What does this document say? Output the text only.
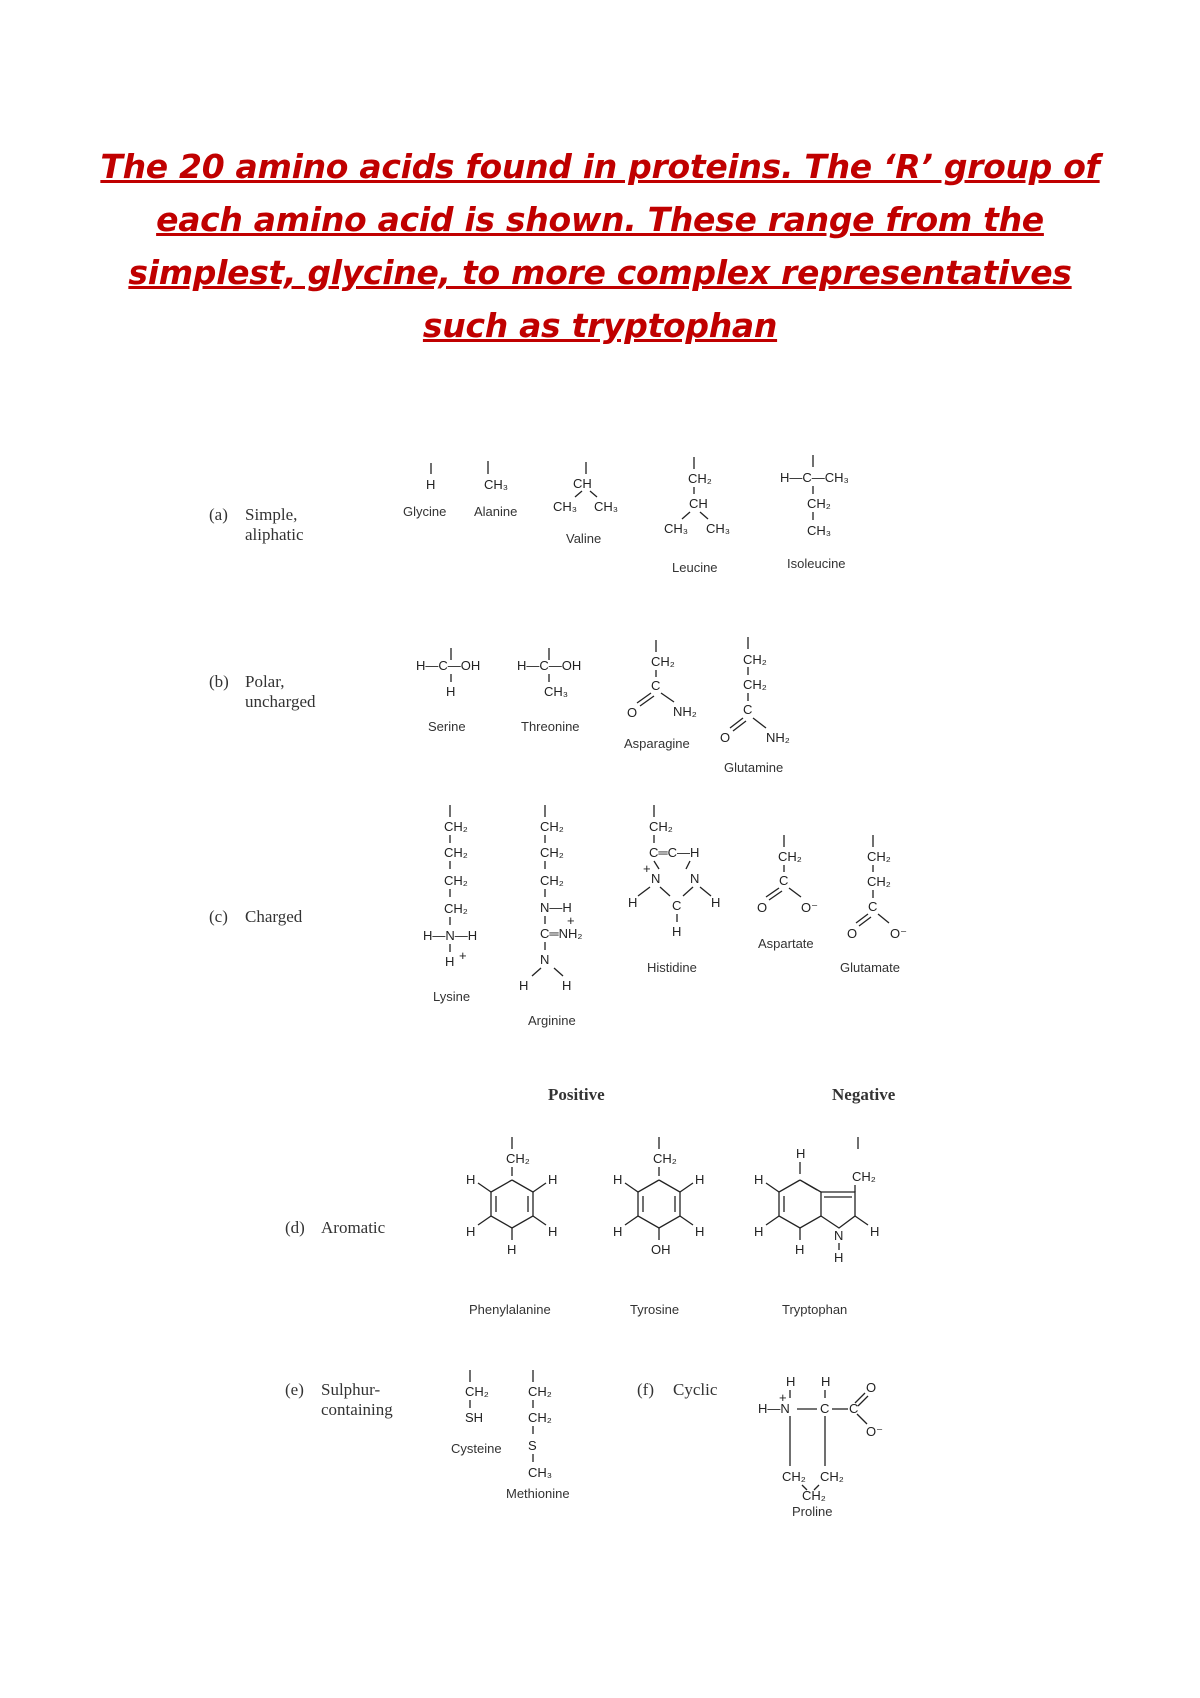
The 20 amino acids found in proteins. The ‘R’ group of
each amino acid is shown. These range from the
simplest, glycine, to more complex representatives
such as tryptophan
(a) Simple,
aliphatic
(b) Polar,
uncharged
(c) Charged
(d) Aromatic
(e) Sulphur-
containing
(f) Cyclic
Positive	Negative
Glycine Alanine
Valine
Leucine	Isoleucine
Serine	Threonine
Asparagine
Glutamine
Lysine
Arginine
Histidine
Aspartate
Glutamate
Phenylalanine	Tyrosine	Tryptophan
Cysteine
Methionine
Proline
H	CH₃	CH
CH₃ CH₃
CH₂
CH
CH₃ CH₃
H—C—CH₃
CH₂
CH₃
H—C—OH
H
H—C—OH
CH₃
CH₂
C
O	NH₂
CH₂
CH₂
C
O	NH₂
CH₂
CH₂
CH₂
CH₂
H—N—H
H +
CH₂
CH₂
CH₂
N—H
+
C═NH₂
N
H	H
CH₂
C═C—H
+
N N
H	C H
H
CH₂
C
O	O⁻
CH₂
CH₂
C
O	O⁻
CH₂
H	H
H	H
H
CH₂
H	H
H	H
OH
H
H
H
H
CH₂
N
H
H
CH₂
SH
CH₂
CH₂
S
CH₃
H H
+
H—N C C
O
O⁻
CH₂ CH₂
CH₂
